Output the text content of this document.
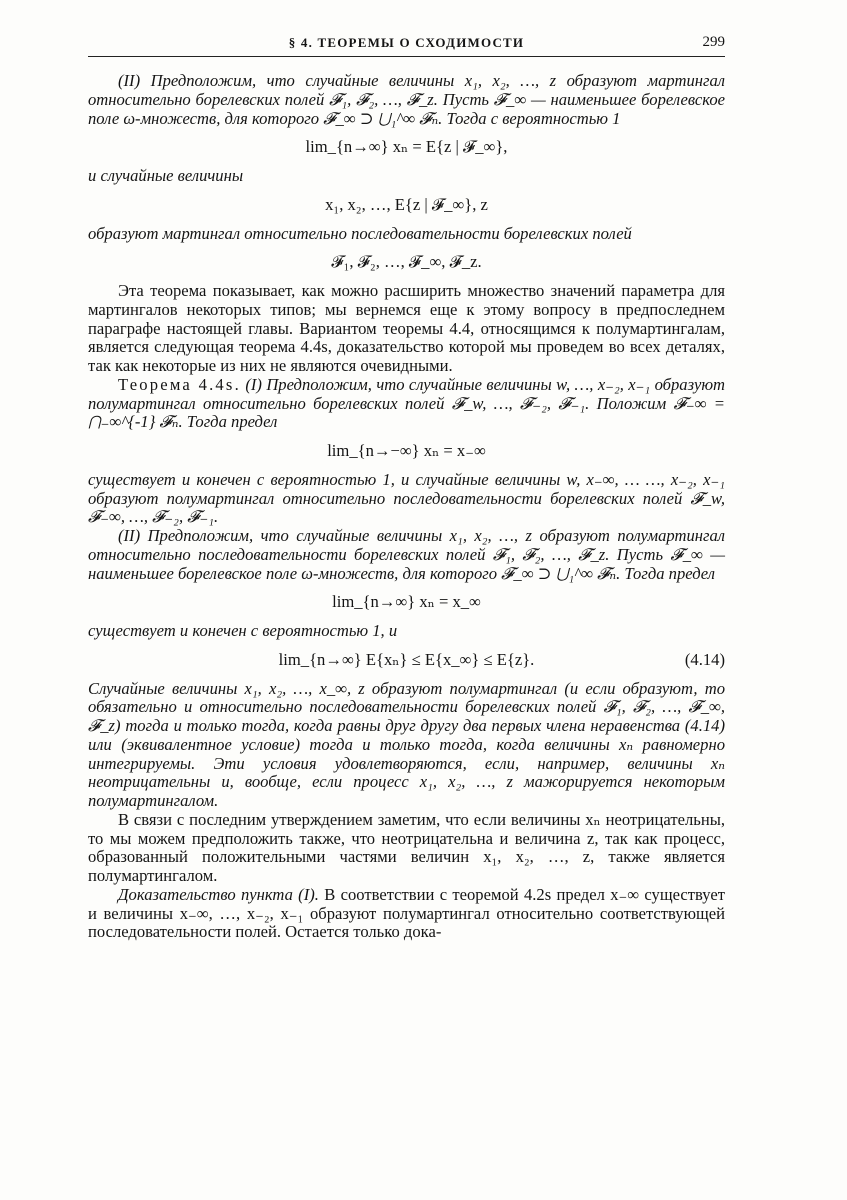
§ 4. ТЕОРЕМЫ О СХОДИМОСТИ	299

(II) Предположим, что случайные величины x₁, x₂, …, z образуют мартингал относительно борелевских полей 𝓕₁, 𝓕₂, …, 𝓕_z. Пусть 𝓕_∞ — наименьшее борелевское поле ω-множеств, для которого 𝓕_∞ ⊃ ⋃₁^∞ 𝓕ₙ. Тогда с вероятностью 1

lim_{n→∞} xₙ = E{z | 𝓕_∞},

и случайные величины

x₁, x₂, …, E{z | 𝓕_∞}, z

образуют мартингал относительно последовательности борелевских полей

𝓕₁, 𝓕₂, …, 𝓕_∞, 𝓕_z.

Эта теорема показывает, как можно расширить множество значений параметра для мартингалов некоторых типов; мы вернемся еще к этому вопросу в предпоследнем параграфе настоящей главы. Вариантом теоремы 4.4, относящимся к полумартингалам, является следующая теорема 4.4s, доказательство которой мы проведем во всех деталях, так как некоторые из них не являются очевидными.

Теорема 4.4s. (I) Предположим, что случайные величины w, …, x₋₂, x₋₁ образуют полумартингал относительно борелевских полей 𝓕_w, …, 𝓕₋₂, 𝓕₋₁. Положим 𝓕₋∞ = ⋂₋∞^{-1} 𝓕ₙ. Тогда предел

lim_{n→−∞} xₙ = x₋∞

существует и конечен с вероятностью 1, и случайные величины w, x₋∞, … …, x₋₂, x₋₁ образуют полумартингал относительно последовательности борелевских полей 𝓕_w, 𝓕₋∞, …, 𝓕₋₂, 𝓕₋₁.

(II) Предположим, что случайные величины x₁, x₂, …, z образуют полумартингал относительно последовательности борелевских полей 𝓕₁, 𝓕₂, …, 𝓕_z. Пусть 𝓕_∞ — наименьшее борелевское поле ω-множеств, для которого 𝓕_∞ ⊃ ⋃₁^∞ 𝓕ₙ. Тогда предел

lim_{n→∞} xₙ = x_∞

существует и конечен с вероятностью 1, и

lim_{n→∞} E{xₙ} ≤ E{x_∞} ≤ E{z}.	(4.14)

Случайные величины x₁, x₂, …, x_∞, z образуют полумартингал (и если образуют, то обязательно и относительно последовательности борелевских полей 𝓕₁, 𝓕₂, …, 𝓕_∞, 𝓕_z) тогда и только тогда, когда равны друг другу два первых члена неравенства (4.14) или (эквивалентное условие) тогда и только тогда, когда величины xₙ равномерно интегрируемы. Эти условия удовлетворяются, если, например, величины xₙ неотрицательны и, вообще, если процесс x₁, x₂, …, z мажорируется некоторым полумартингалом.

В связи с последним утверждением заметим, что если величины xₙ неотрицательны, то мы можем предположить также, что неотрицательна и величина z, так как процесс, образованный положительными частями величин x₁, x₂, …, z, также является полумартингалом.

Доказательство пункта (I). В соответствии с теоремой 4.2s предел x₋∞ существует и величины x₋∞, …, x₋₂, x₋₁ образуют полумартингал относительно соответствующей последовательности полей. Остается только дока-
